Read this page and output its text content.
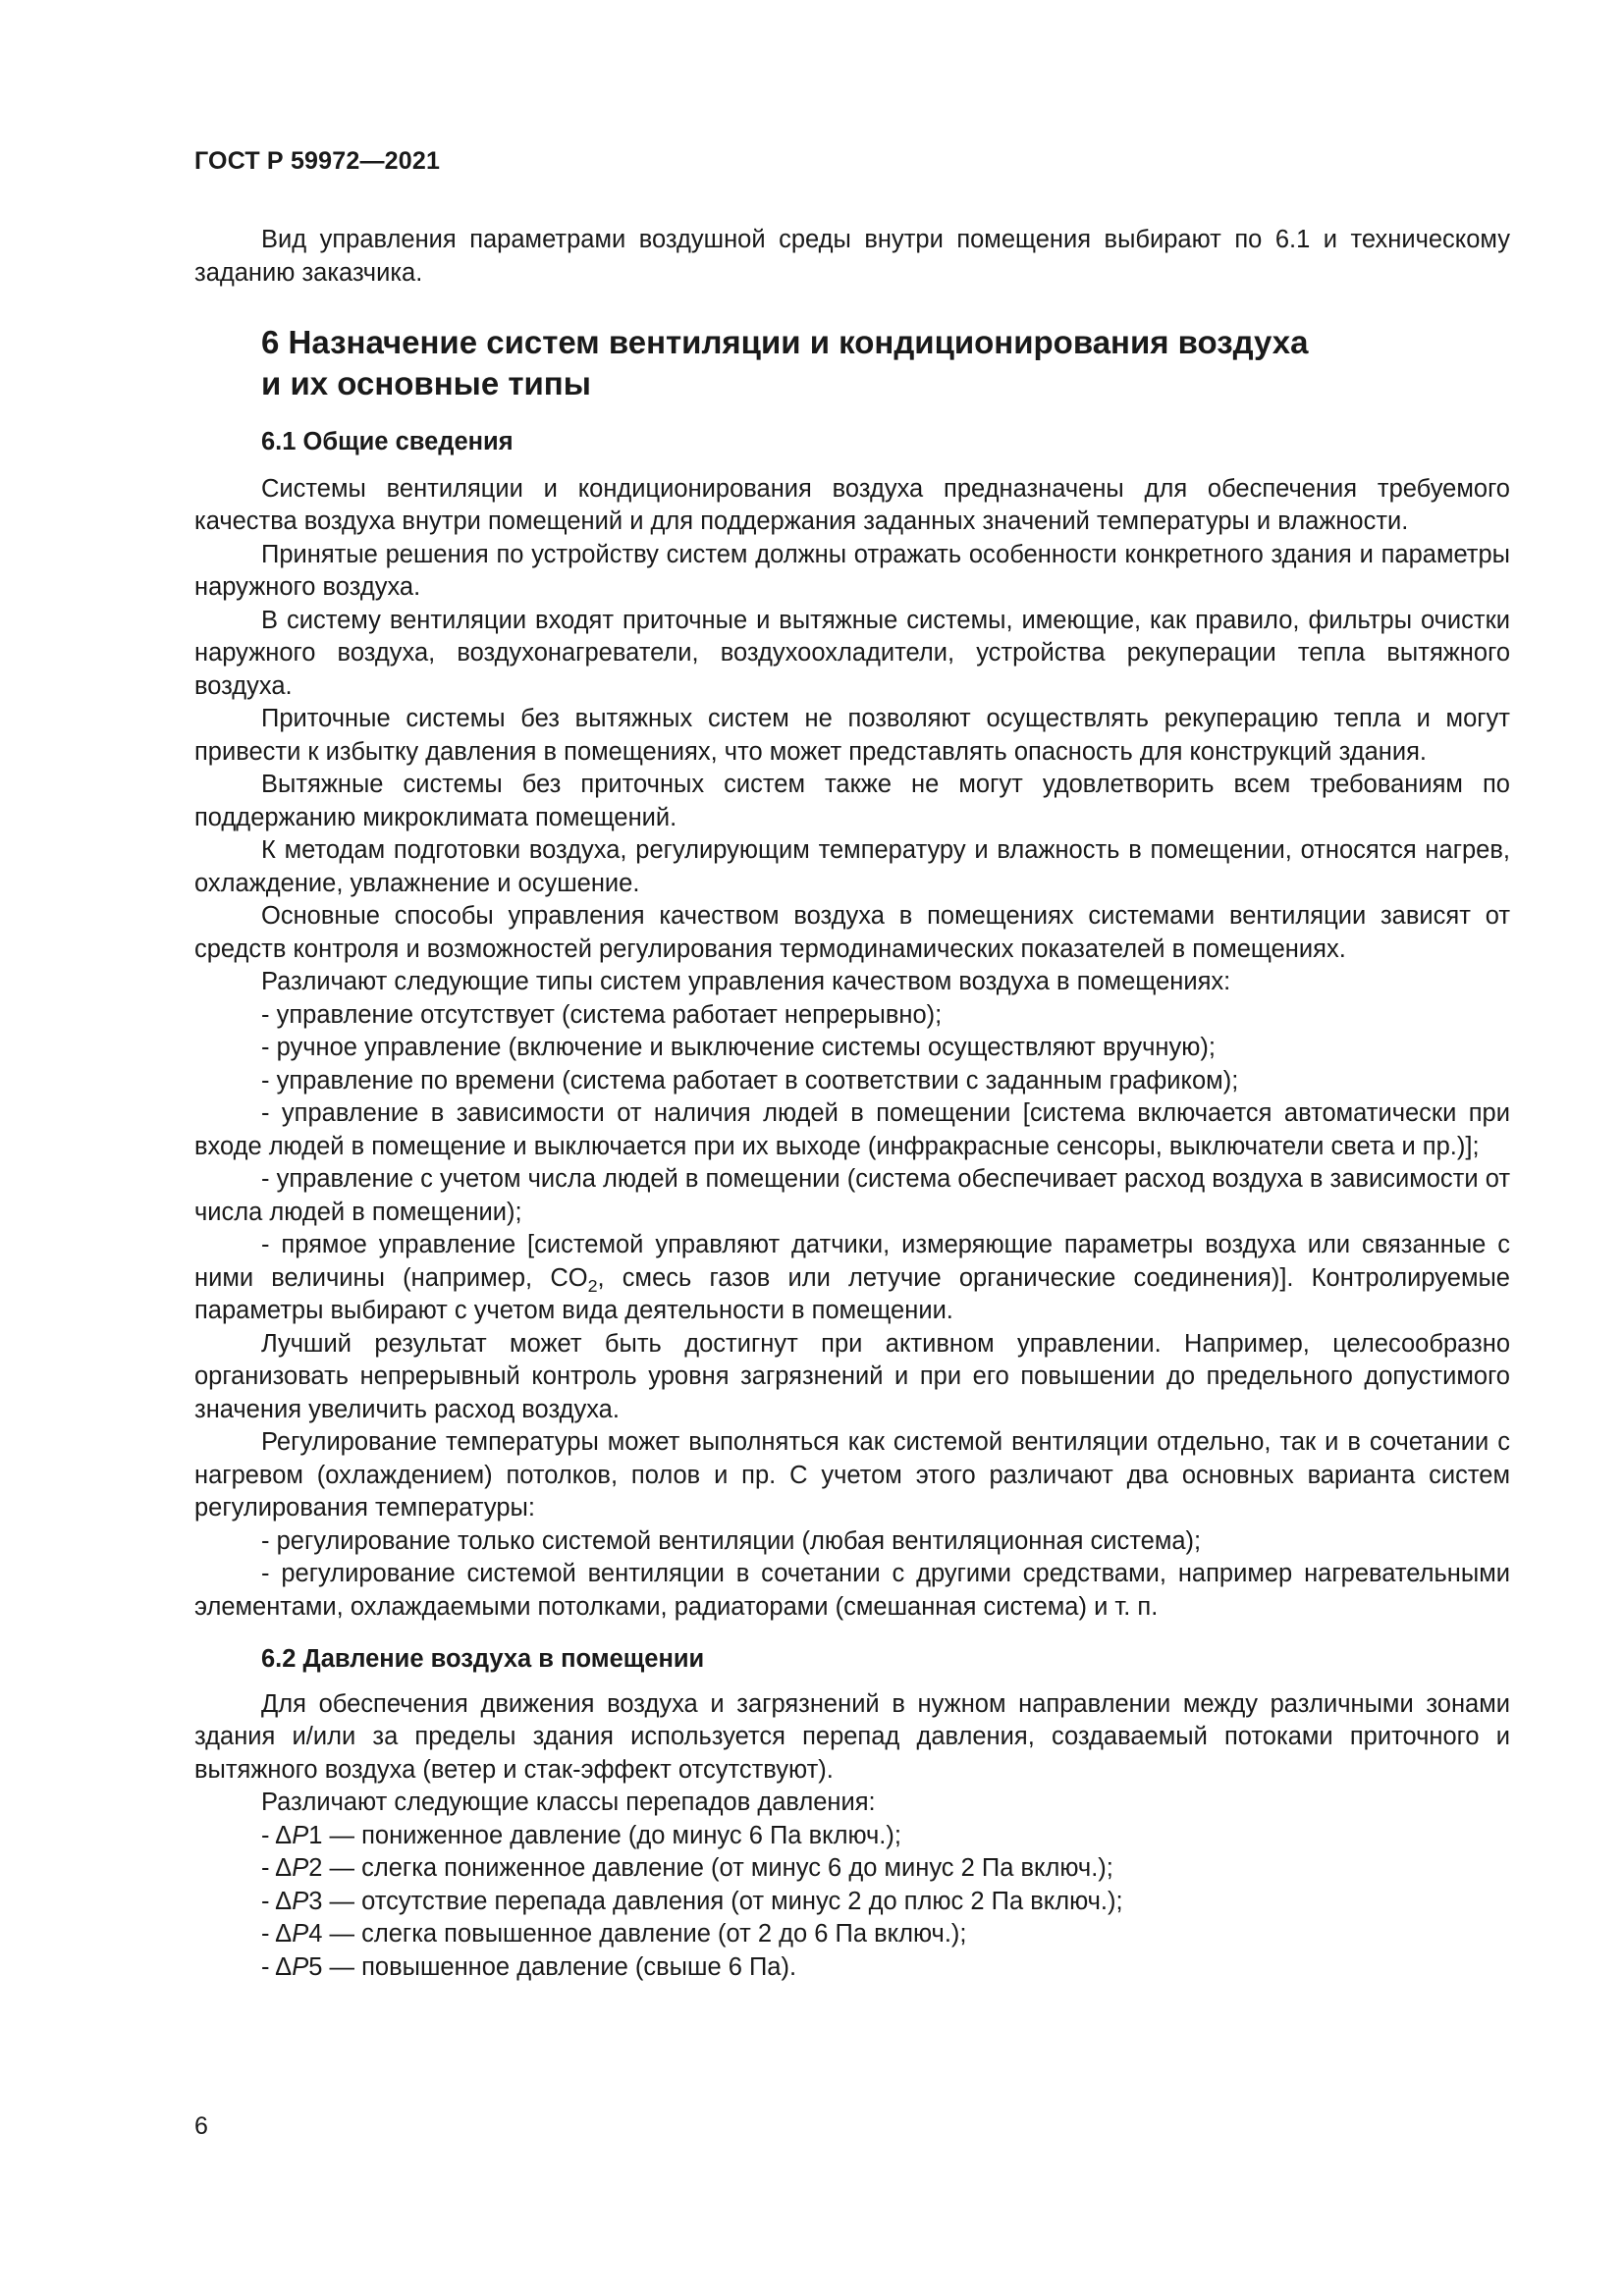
ГОСТ Р 59972—2021

Вид управления параметрами воздушной среды внутри помещения выбирают по 6.1 и техническому заданию заказчика.

6 Назначение систем вентиляции и кондиционирования воздуха
и их основные типы
6.1 Общие сведения

Системы вентиляции и кондиционирования воздуха предназначены для обеспечения требуемого качества воздуха внутри помещений и для поддержания заданных значений температуры и влажности.

Принятые решения по устройству систем должны отражать особенности конкретного здания и параметры наружного воздуха.

В систему вентиляции входят приточные и вытяжные системы, имеющие, как правило, фильтры очистки наружного воздуха, воздухонагреватели, воздухоохладители, устройства рекуперации тепла вытяжного воздуха.

Приточные системы без вытяжных систем не позволяют осуществлять рекуперацию тепла и могут привести к избытку давления в помещениях, что может представлять опасность для конструкций здания.

Вытяжные системы без приточных систем также не могут удовлетворить всем требованиям по поддержанию микроклимата помещений.

К методам подготовки воздуха, регулирующим температуру и влажность в помещении, относятся нагрев, охлаждение, увлажнение и осушение.

Основные способы управления качеством воздуха в помещениях системами вентиляции зависят от средств контроля и возможностей регулирования термодинамических показателей в помещениях.

Различают следующие типы систем управления качеством воздуха в помещениях:

- управление отсутствует (система работает непрерывно);

- ручное управление (включение и выключение системы осуществляют вручную);

- управление по времени (система работает в соответствии с заданным графиком);

- управление в зависимости от наличия людей в помещении [система включается автоматически при входе людей в помещение и выключается при их выходе (инфракрасные сенсоры, выключатели света и пр.)];

- управление с учетом числа людей в помещении (система обеспечивает расход воздуха в зависимости от числа людей в помещении);

- прямое управление [системой управляют датчики, измеряющие параметры воздуха или связанные с ними величины (например, $CO_2$, смесь газов или летучие органические соединения)]. Контролируемые параметры выбирают с учетом вида деятельности в помещении.

Лучший результат может быть достигнут при активном управлении. Например, целесообразно организовать непрерывный контроль уровня загрязнений и при его повышении до предельного допустимого значения увеличить расход воздуха.

Регулирование температуры может выполняться как системой вентиляции отдельно, так и в сочетании с нагревом (охлаждением) потолков, полов и пр. С учетом этого различают два основных варианта систем регулирования температуры:

- регулирование только системой вентиляции (любая вентиляционная система);

- регулирование системой вентиляции в сочетании с другими средствами, например нагревательными элементами, охлаждаемыми потолками, радиаторами (смешанная система) и т. п.

6.2 Давление воздуха в помещении

Для обеспечения движения воздуха и загрязнений в нужном направлении между различными зонами здания и/или за пределы здания используется перепад давления, создаваемый потоками приточного и вытяжного воздуха (ветер и стак-эффект отсутствуют).

Различают следующие классы перепадов давления:

- ΔP1 — пониженное давление (до минус 6 Па включ.);

- ΔP2 — слегка пониженное давление (от минус 6 до минус 2 Па включ.);

- ΔP3 — отсутствие перепада давления (от минус 2 до плюс 2 Па включ.);

- ΔP4 — слегка повышенное давление (от 2 до 6 Па включ.);

- ΔP5 — повышенное давление (свыше 6 Па).

6
